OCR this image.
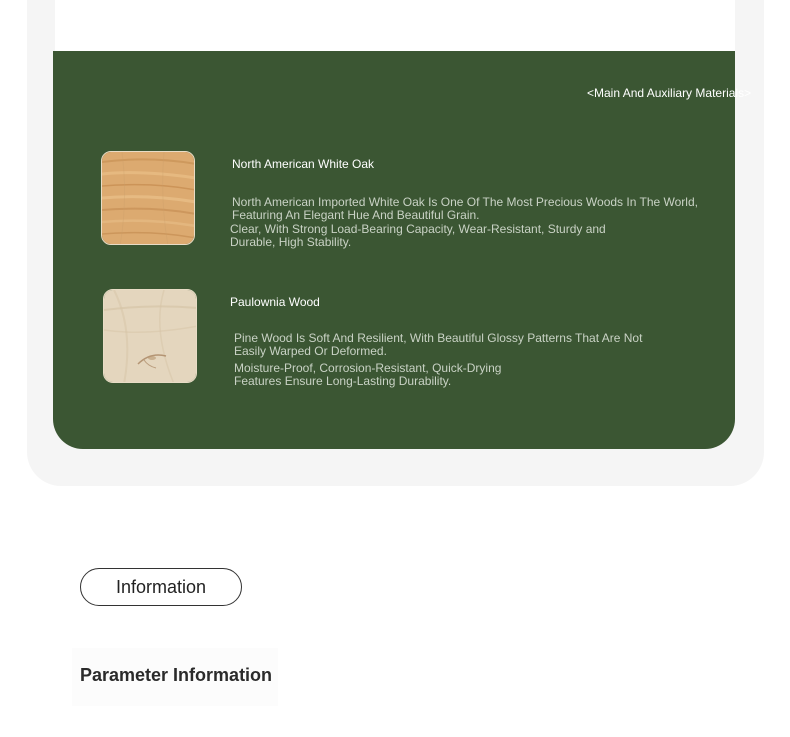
<Main And Auxiliary Materials>
North American White Oak

North American Imported White Oak Is One Of The Most Precious Woods In The World, Featuring An Elegant Hue And Beautiful Grain.

Clear, With Strong Load-Bearing Capacity, Wear-Resistant, Sturdy and Durable, High Stability.

Paulownia Wood

Pine Wood Is Soft And Resilient, With Beautiful Glossy Patterns That Are Not Easily Warped Or Deformed.

Moisture-Proof, Corrosion-Resistant, Quick-Drying Features Ensure Long-Lasting Durability.

Information
Parameter Information
